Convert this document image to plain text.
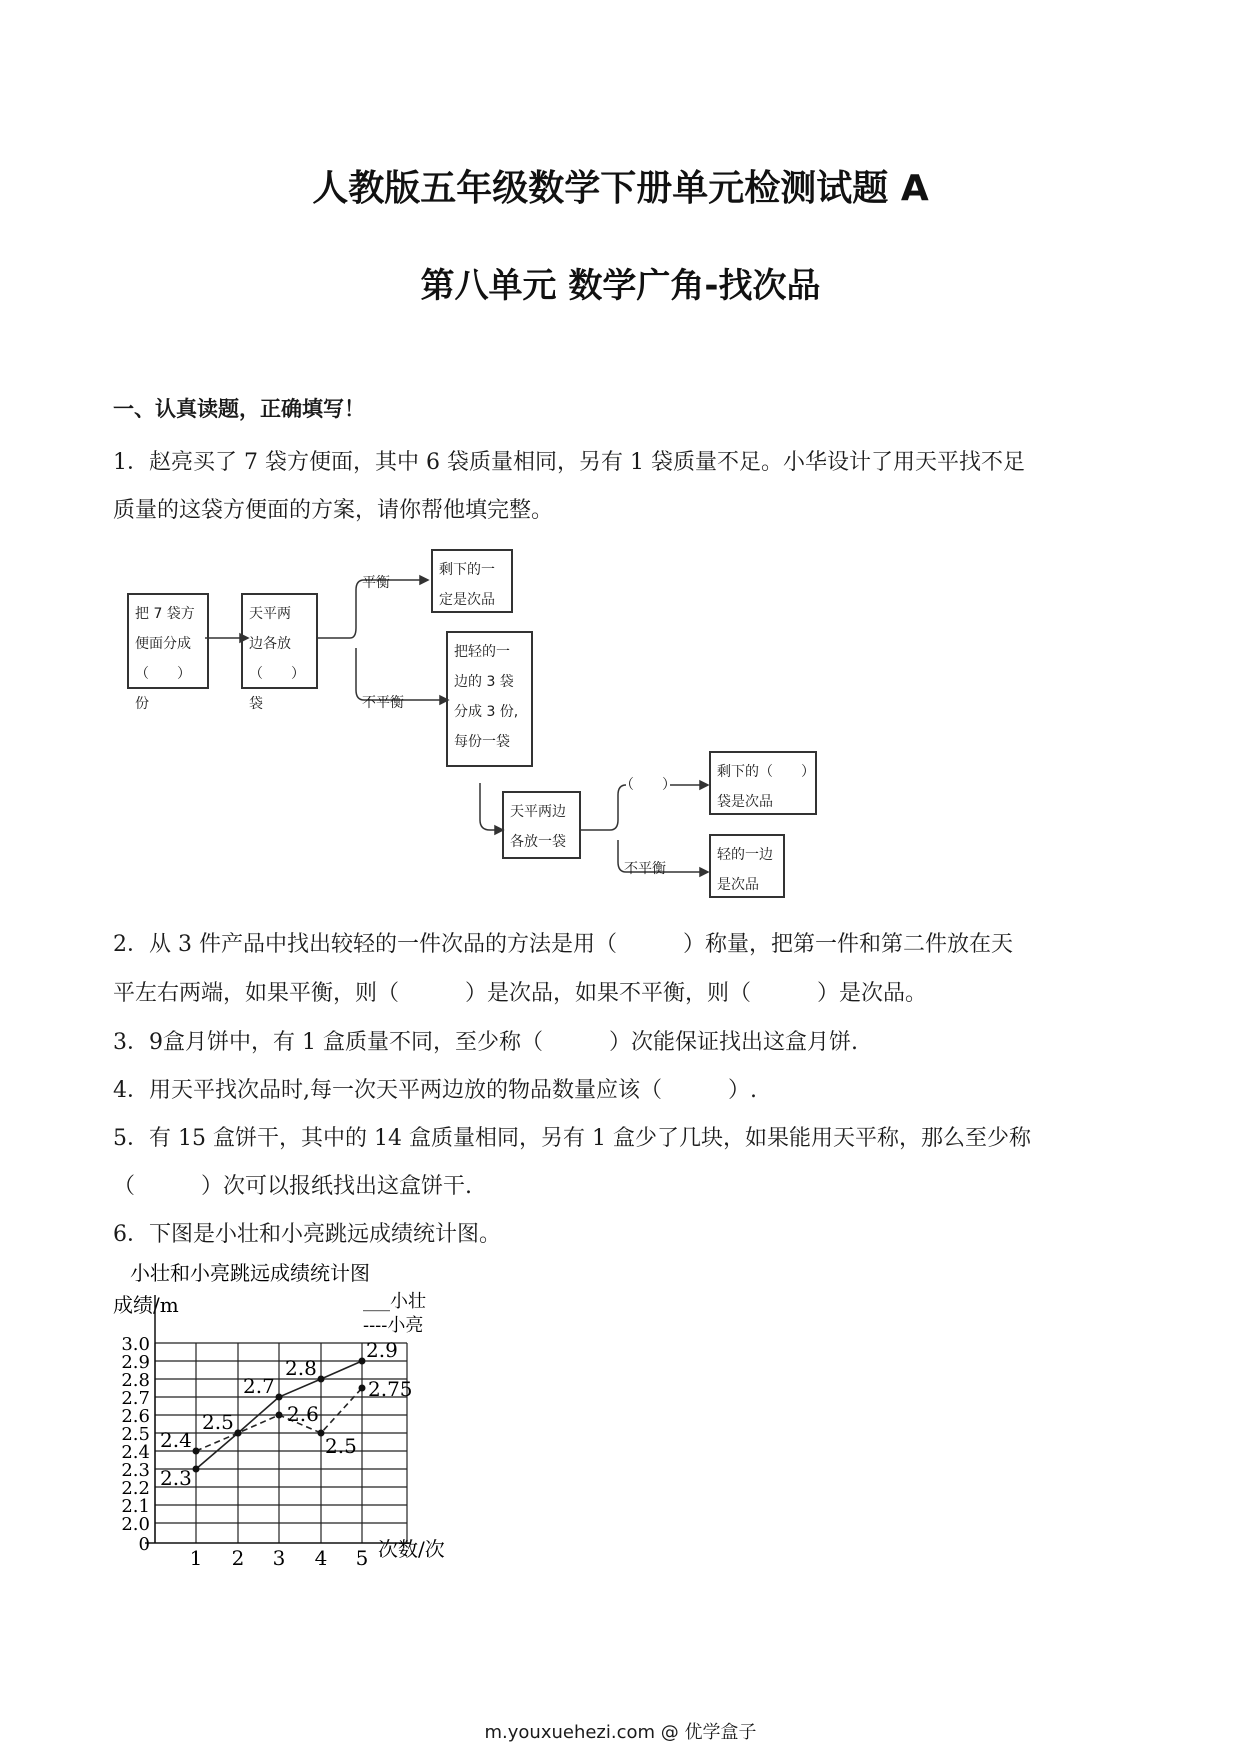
人教版五年级数学下册单元检测试题 A
第八单元 数学广角-找次品
一、认真读题，正确填写！
1．赵亮买了 7 袋方便面，其中 6 袋质量相同，另有 1 袋质量不足。小华设计了用天平找不足
质量的这袋方便面的方案，请你帮他填完整。
把 7 袋方
便面分成
（　　）份
天平两
边各放
（　　）袋
平衡
剩下的一
定是次品
不平衡
把轻的一
边的 3 袋
分成 3 份,
每份一袋
天平两边
各放一袋
（　　）
剩下的（　　）
袋是次品
不平衡
轻的一边
是次品
2．从 3 件产品中找出较轻的一件次品的方法是用（　　　）称量，把第一件和第二件放在天
平左右两端，如果平衡，则（　　　）是次品，如果不平衡，则（　　　）是次品。
3．9盒月饼中，有 1 盒质量不同，至少称（　　　）次能保证找出这盒月饼.
4．用天平找次品时,每一次天平两边放的物品数量应该（　　　）.
5．有 15 盒饼干，其中的 14 盒质量相同，另有 1 盒少了几块，如果能用天平称，那么至少称
（　　　）次可以报纸找出这盒饼干.
6．下图是小壮和小亮跳远成绩统计图。
小壮和小亮跳远成绩统计图
成绩/m
次数/次
___小壮
----小亮
0
2.0
2.1
2.2
2.3
2.4
2.5
2.6
2.7
2.8
2.9
3.0
1 2 3 4 5
2.3
2.5
2.7
2.8
2.9
2.4
2.6
2.5
2.75
m.youxuehezi.com @ 优学盒子
